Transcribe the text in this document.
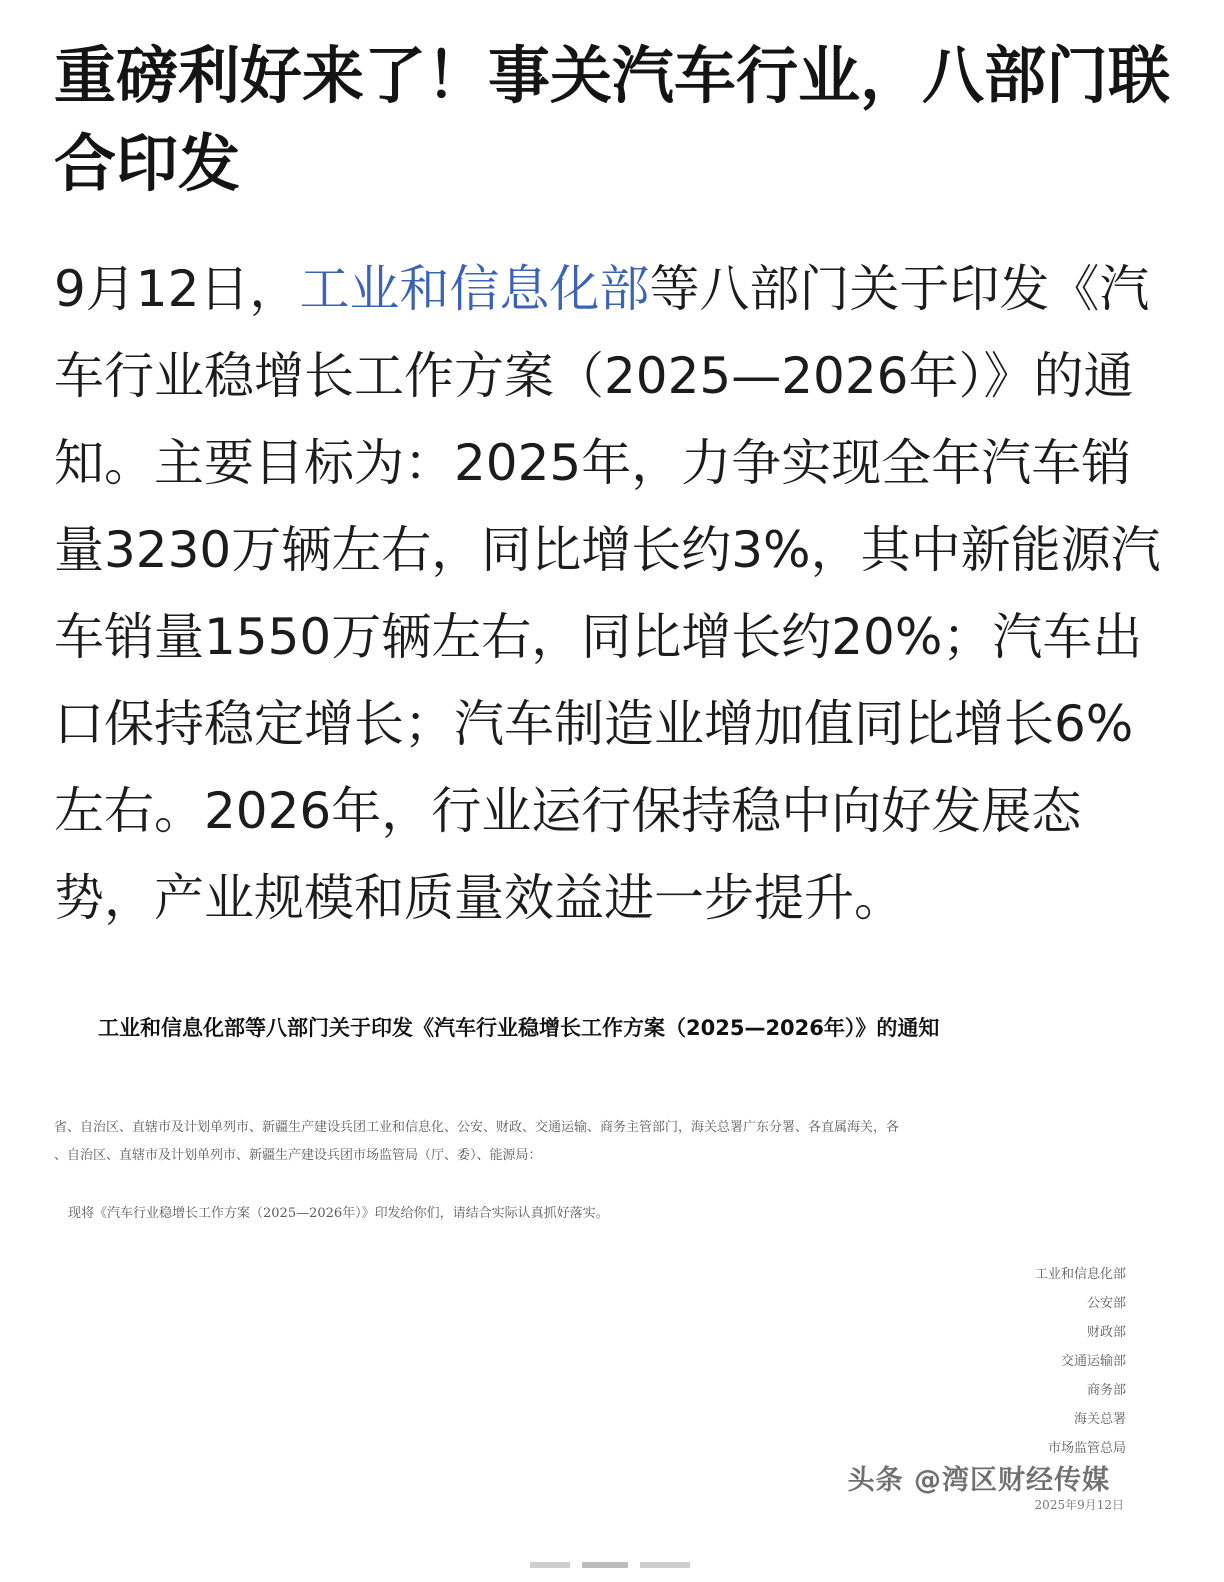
重磅利好来了！事关汽车行业，八部门联合印发

9月12日，工业和信息化部等八部门关于印发《汽车行业稳增长工作方案（2025—2026年）》的通知。主要目标为：2025年，力争实现全年汽车销量3230万辆左右，同比增长约3%，其中新能源汽车销量1550万辆左右，同比增长约20%；汽车出口保持稳定增长；汽车制造业增加值同比增长6%左右。2026年，行业运行保持稳中向好发展态势，产业规模和质量效益进一步提升。

工业和信息化部等八部门关于印发《汽车行业稳增长工作方案（2025—2026年）》的通知
省、自治区、直辖市及计划单列市、新疆生产建设兵团工业和信息化、公安、财政、交通运输、商务主管部门，海关总署广东分署、各直属海关，各
、自治区、直辖市及计划单列市、新疆生产建设兵团市场监管局（厅、委）、能源局：
现将《汽车行业稳增长工作方案（2025—2026年）》印发给你们，请结合实际认真抓好落实。
工业和信息化部
公安部
财政部
交通运输部
商务部
海关总署
市场监管总局
2025年9月12日
头条 @湾区财经传媒
